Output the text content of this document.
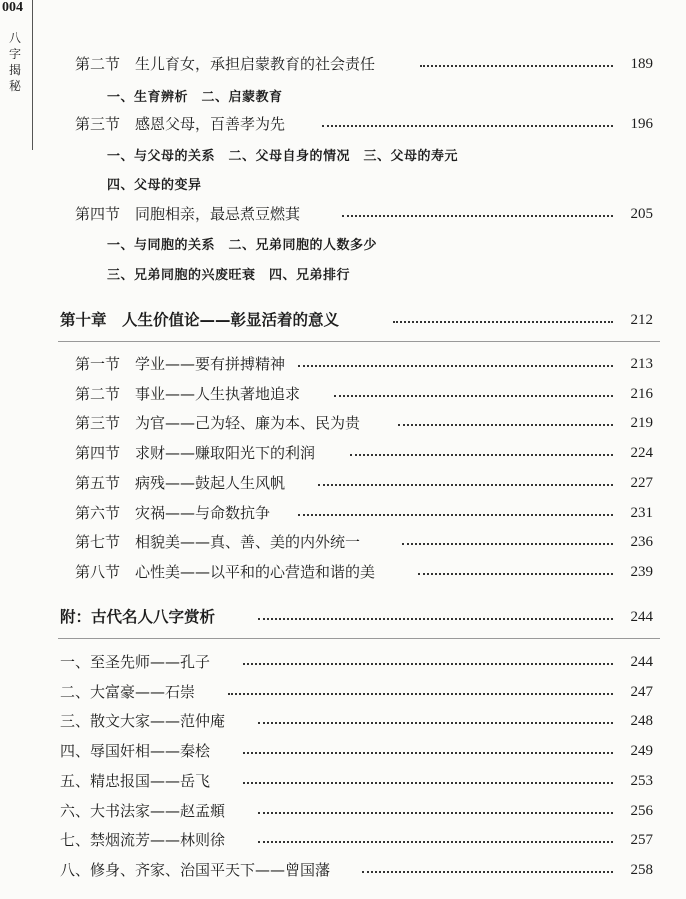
004
八
字
揭
秘
第二节　生儿育女，承担启蒙教育的社会责任	189
一、生育辨析　二、启蒙教育
第三节　感恩父母，百善孝为先	196
一、与父母的关系　二、父母自身的情况　三、父母的寿元
四、父母的变异
第四节　同胞相亲，最忌煮豆燃萁	205
一、与同胞的关系　二、兄弟同胞的人数多少
三、兄弟同胞的兴废旺衰　四、兄弟排行
第十章　人生价值论——彰显活着的意义	212
第一节　学业——要有拼搏精神	213
第二节　事业——人生执著地追求	216
第三节　为官——己为轻、廉为本、民为贵	219
第四节　求财——赚取阳光下的利润	224
第五节　病残——鼓起人生风帆	227
第六节　灾祸——与命数抗争	231
第七节　相貌美——真、善、美的内外统一	236
第八节　心性美——以平和的心营造和谐的美	239
附：古代名人八字赏析	244
一、至圣先师——孔子	244
二、大富豪——石崇	247
三、散文大家——范仲庵	248
四、辱国奸相——秦桧	249
五、精忠报国——岳飞	253
六、大书法家——赵孟頫	256
七、禁烟流芳——林则徐	257
八、修身、齐家、治国平天下——曾国藩	258
